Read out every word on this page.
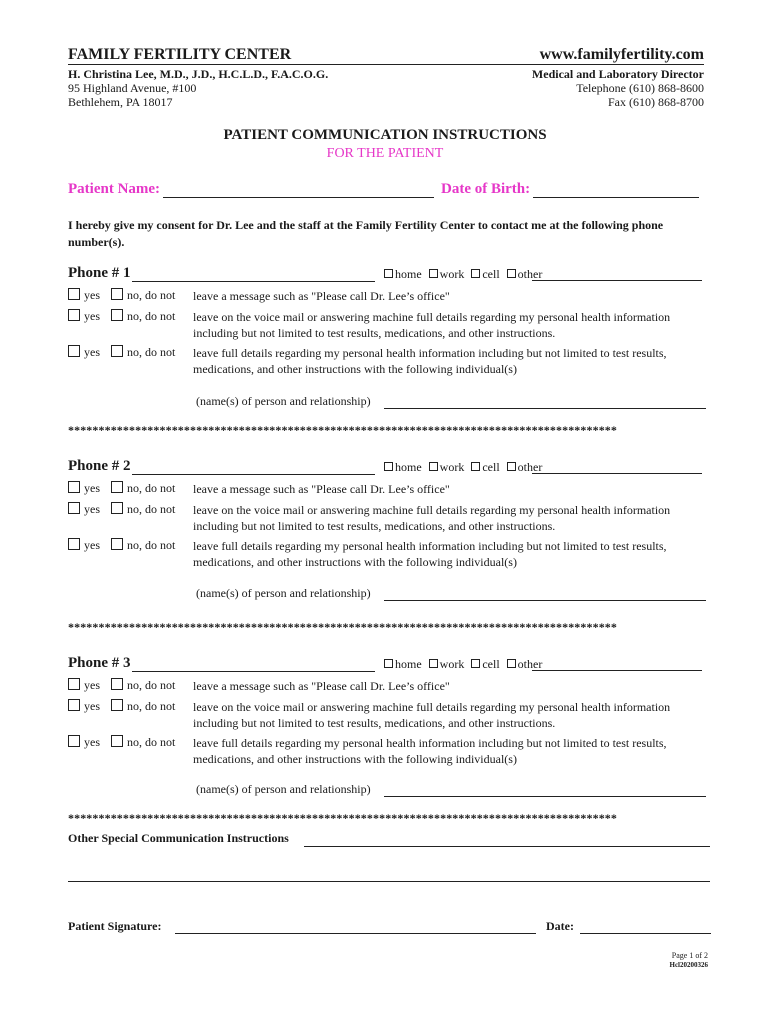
FAMILY FERTILITY CENTER	www.familyfertility.com
H. Christina Lee, M.D., J.D., H.C.L.D., F.A.C.O.G.
95 Highland Avenue, #100
Bethlehem, PA 18017
Medical and Laboratory Director
Telephone (610) 868-8600
Fax (610) 868-8700
PATIENT COMMUNICATION INSTRUCTIONS
FOR THE PATIENT
Patient Name:	Date of Birth:
I hereby give my consent for Dr. Lee and the staff at the Family Fertility Center to contact me at the following phone number(s).
Phone # 1	home work cell other
yes no, do not leave a message such as "Please call Dr. Lee’s office"
yes no, do not leave on the voice mail or answering machine full details regarding my personal health information including but not limited to test results, medications, and other instructions.
yes no, do not leave full details regarding my personal health information including but not limited to test results, medications, and other instructions with the following individual(s)
(name(s) of person and relationship)
******************************************************************************************
Phone # 2	home work cell other
yes no, do not leave a message such as "Please call Dr. Lee’s office"
yes no, do not leave on the voice mail or answering machine full details regarding my personal health information including but not limited to test results, medications, and other instructions.
yes no, do not leave full details regarding my personal health information including but not limited to test results, medications, and other instructions with the following individual(s)
(name(s) of person and relationship)
******************************************************************************************
Phone # 3	home work cell other
yes no, do not leave a message such as "Please call Dr. Lee’s office"
yes no, do not leave on the voice mail or answering machine full details regarding my personal health information including but not limited to test results, medications, and other instructions.
yes no, do not leave full details regarding my personal health information including but not limited to test results, medications, and other instructions with the following individual(s)
(name(s) of person and relationship)
******************************************************************************************
Other Special Communication Instructions
Patient Signature:	Date:
Page 1 of 2
Hcl20200326
